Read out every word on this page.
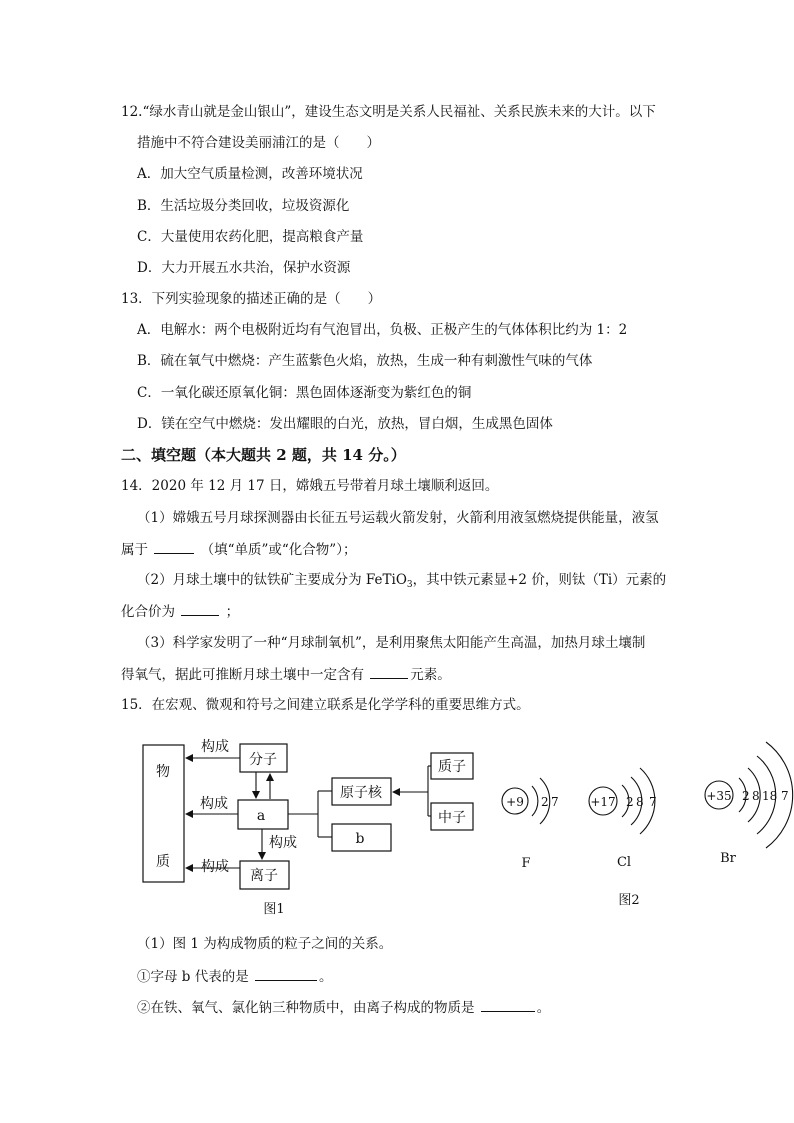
12.“绿水青山就是金山银山”，建设生态文明是关系人民福祉、关系民族未来的大计。以下
措施中不符合建设美丽浦江的是（　　）
A．加大空气质量检测，改善环境状况
B．生活垃圾分类回收，垃圾资源化
C．大量使用农药化肥，提高粮食产量
D．大力开展五水共治，保护水资源
13．下列实验现象的描述正确的是（　　）
A．电解水：两个电极附近均有气泡冒出，负极、正极产生的气体体积比约为 1：2
B．硫在氧气中燃烧：产生蓝紫色火焰，放热，生成一种有刺激性气味的气体
C．一氧化碳还原氧化铜：黑色固体逐渐变为紫红色的铜
D．镁在空气中燃烧：发出耀眼的白光，放热，冒白烟，生成黑色固体
二、填空题（本大题共 2 题，共 14 分。）
14．2020 年 12 月 17 日，嫦娥五号带着月球土壤顺利返回。
（1）嫦娥五号月球探测器由长征五号运载火箭发射，火箭利用液氢燃烧提供能量，液氢
属于	（填“单质”或“化合物”）；
（2）月球土壤中的钛铁矿主要成分为 FeTiO$_3$，其中铁元素显+2 价，则钛（Ti）元素的
化合价为	；
（3）科学家发明了一种“月球制氧机”，是利用聚焦太阳能产生高温，加热月球土壤制
得氧气，据此可推断月球土壤中一定含有	元素。
15．在宏观、微观和符号之间建立联系是化学学科的重要思维方式。
物
质
分子
构成
a
构成
离子
构成
构成
原子核
b
质子
中子
图1
+9 2 7
F
+17 2 8 7
Cl
+35 2 8 18 7
Br
图2
（1）图 1 为构成物质的粒子之间的关系。
①字母 b 代表的是	。
②在铁、氧气、氯化钠三种物质中，由离子构成的物质是	。
